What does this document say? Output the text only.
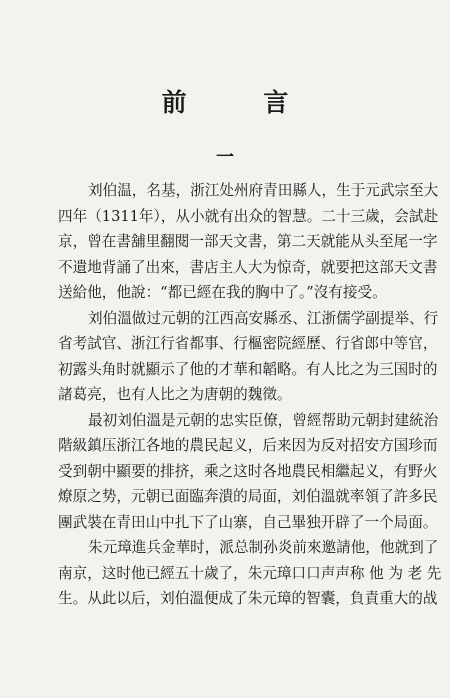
前 言
一

刘伯温，名基，浙江处州府青田縣人，生于元武宗至大
四年（1311年），从小就有出众的智慧。二十三歲，会試赴
京，曾在書舖里翻閱一部天文書，第二天就能从头至尾一字
不遺地背誦了出來，書店主人大为惊奇，就要把这部天文書
送給他，他說：“都已經在我的胸中了。”沒有接受。

刘伯溫做过元朝的江西高安縣丞、江浙儒学副提举、行
省考試官、浙江行省都事、行樞密院經歷、行省郎中等官，
初露头角时就顯示了他的才華和韜略。有人比之为三国时的
諸葛亮，也有人比之为唐朝的魏徵。

最初刘伯溫是元朝的忠实臣僚，曾經帮助元朝封建統治
階級鎮压浙江各地的農民起义，后来因为反对招安方国珍而
受到朝中顯要的排挤，乘之这时各地農民相繼起义，有野火
燎原之势，元朝已面臨奔潰的局面，刘伯溫就率領了許多民
團武裝在青田山中扎下了山寨，自己畢独开辟了一个局面。

朱元璋進兵金華时，派总制孙炎前來邀請他，他就到了
南京，这时他已經五十歲了，朱元璋口口声声称 他 为 老 先
生。从此以后，刘伯溫便成了朱元璋的智囊，負責重大的战
